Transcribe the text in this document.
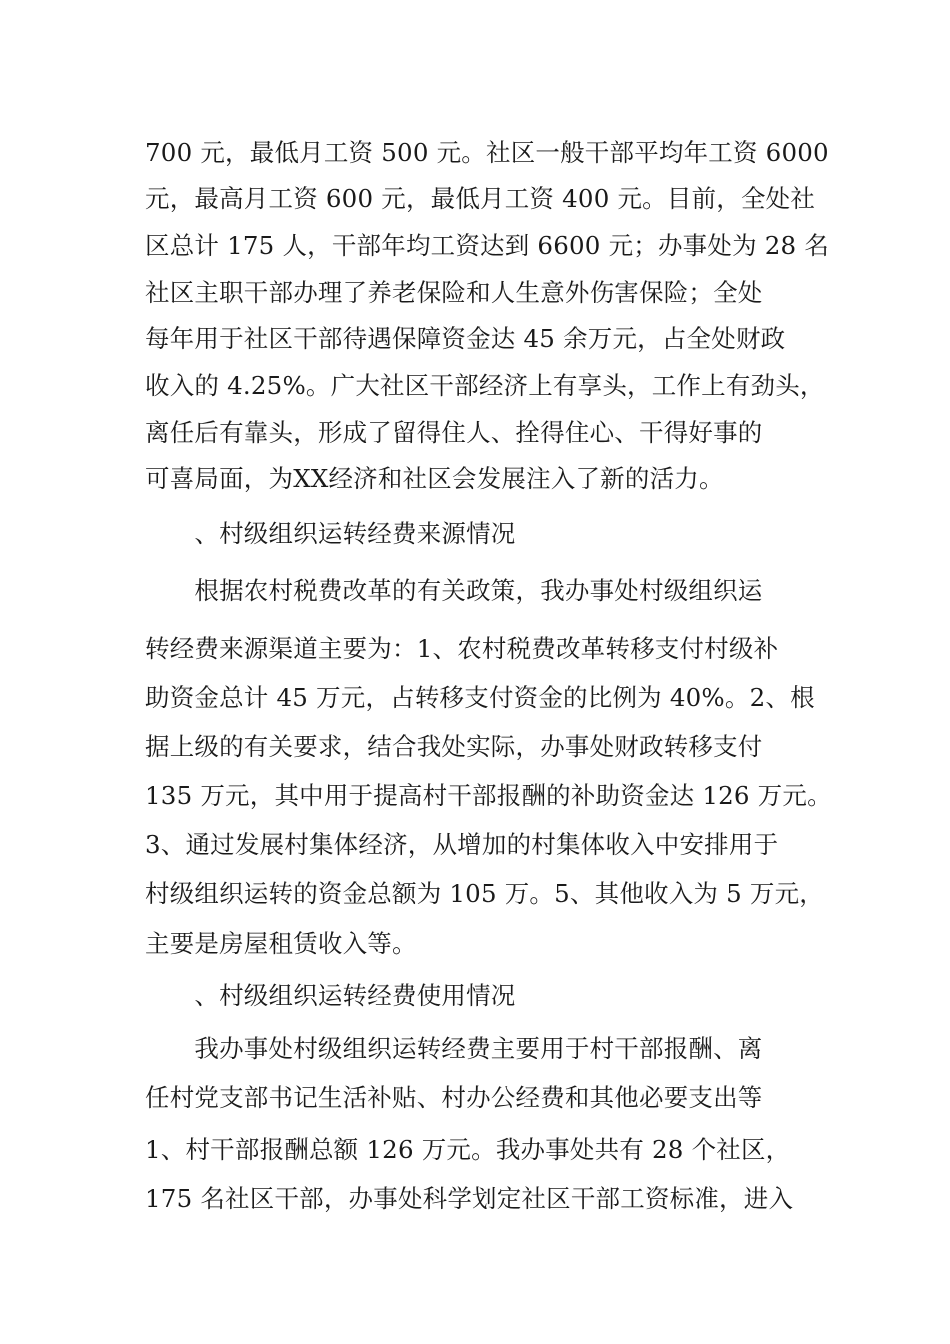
700 元，最低月工资 500 元。社区一般干部平均年工资 6000
元，最高月工资 600 元，最低月工资 400 元。目前，全处社
区总计 175 人，干部年均工资达到 6600 元；办事处为 28 名
社区主职干部办理了养老保险和人生意外伤害保险；全处
每年用于社区干部待遇保障资金达 45 余万元，占全处财政
收入的 4.25%。广大社区干部经济上有享头，工作上有劲头，
离任后有靠头，形成了留得住人、拴得住心、干得好事的
可喜局面，为XX经济和社区会发展注入了新的活力。
　　、村级组织运转经费来源情况
　　根据农村税费改革的有关政策，我办事处村级组织运
转经费来源渠道主要为：1、农村税费改革转移支付村级补
助资金总计 45 万元，占转移支付资金的比例为 40%。2、根
据上级的有关要求，结合我处实际，办事处财政转移支付
135 万元，其中用于提高村干部报酬的补助资金达 126 万元。
3、通过发展村集体经济，从增加的村集体收入中安排用于
村级组织运转的资金总额为 105 万。5、其他收入为 5 万元，
主要是房屋租赁收入等。
　　、村级组织运转经费使用情况
　　我办事处村级组织运转经费主要用于村干部报酬、离
任村党支部书记生活补贴、村办公经费和其他必要支出等
1、村干部报酬总额 126 万元。我办事处共有 28 个社区，
175 名社区干部，办事处科学划定社区干部工资标准，进入
